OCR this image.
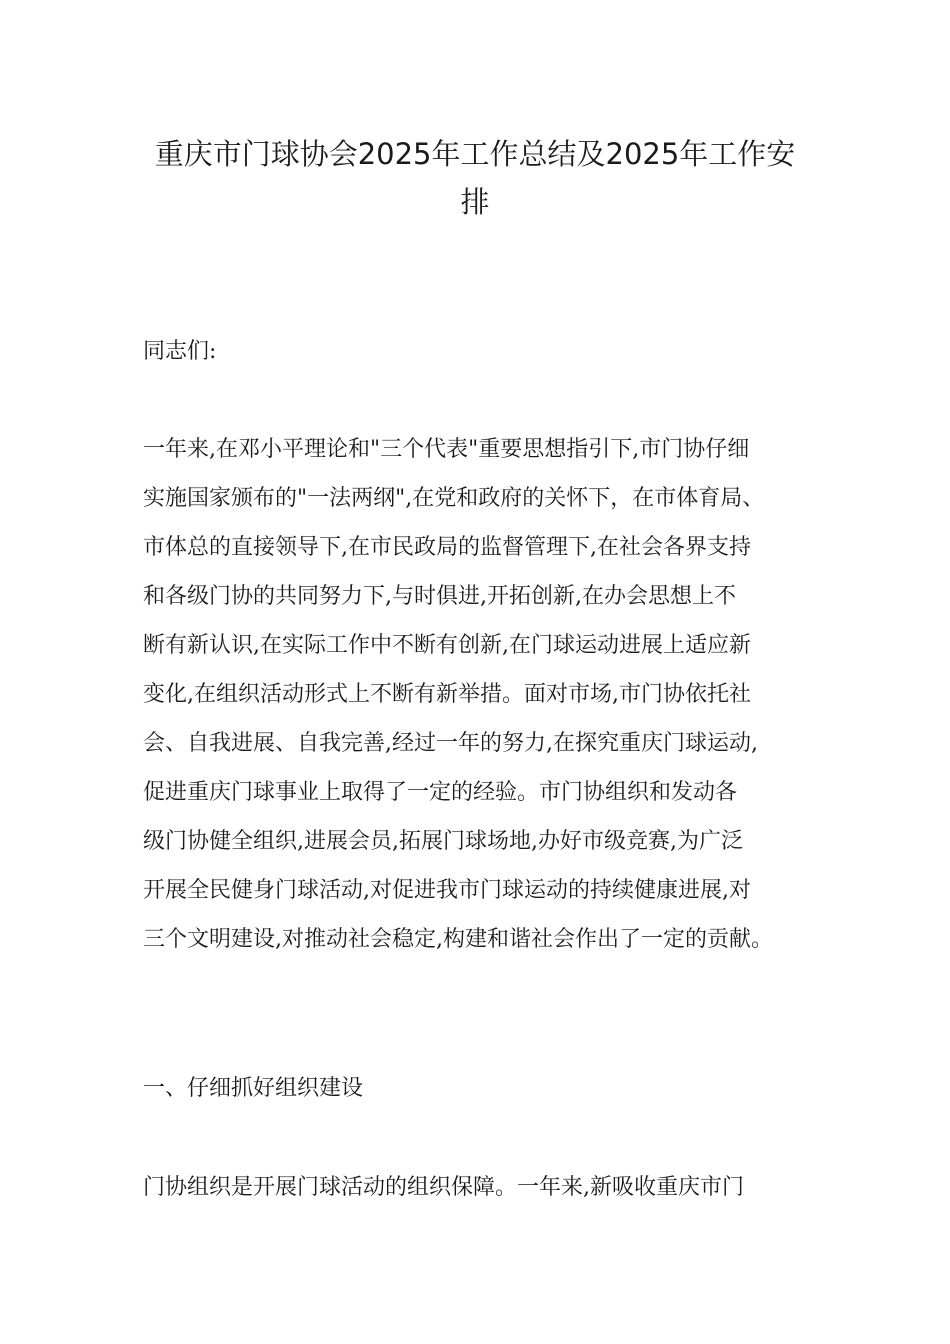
重庆市门球协会2025年工作总结及2025年工作安
排

同志们:

一年来,在邓小平理论和"三个代表"重要思想指引下,市门协仔细

实施国家颁布的"一法两纲",在党和政府的关怀下，在市体育局、

市体总的直接领导下,在市民政局的监督管理下,在社会各界支持

和各级门协的共同努力下,与时俱进,开拓创新,在办会思想上不

断有新认识,在实际工作中不断有创新,在门球运动进展上适应新

变化,在组织活动形式上不断有新举措。面对市场,市门协依托社

会、自我进展、自我完善,经过一年的努力,在探究重庆门球运动,

促进重庆门球事业上取得了一定的经验。市门协组织和发动各

级门协健全组织,进展会员,拓展门球场地,办好市级竞赛,为广泛

开展全民健身门球活动,对促进我市门球运动的持续健康进展,对

三个文明建设,对推动社会稳定,构建和谐社会作出了一定的贡献。

一、仔细抓好组织建设

门协组织是开展门球活动的组织保障。一年来,新吸收重庆市门
